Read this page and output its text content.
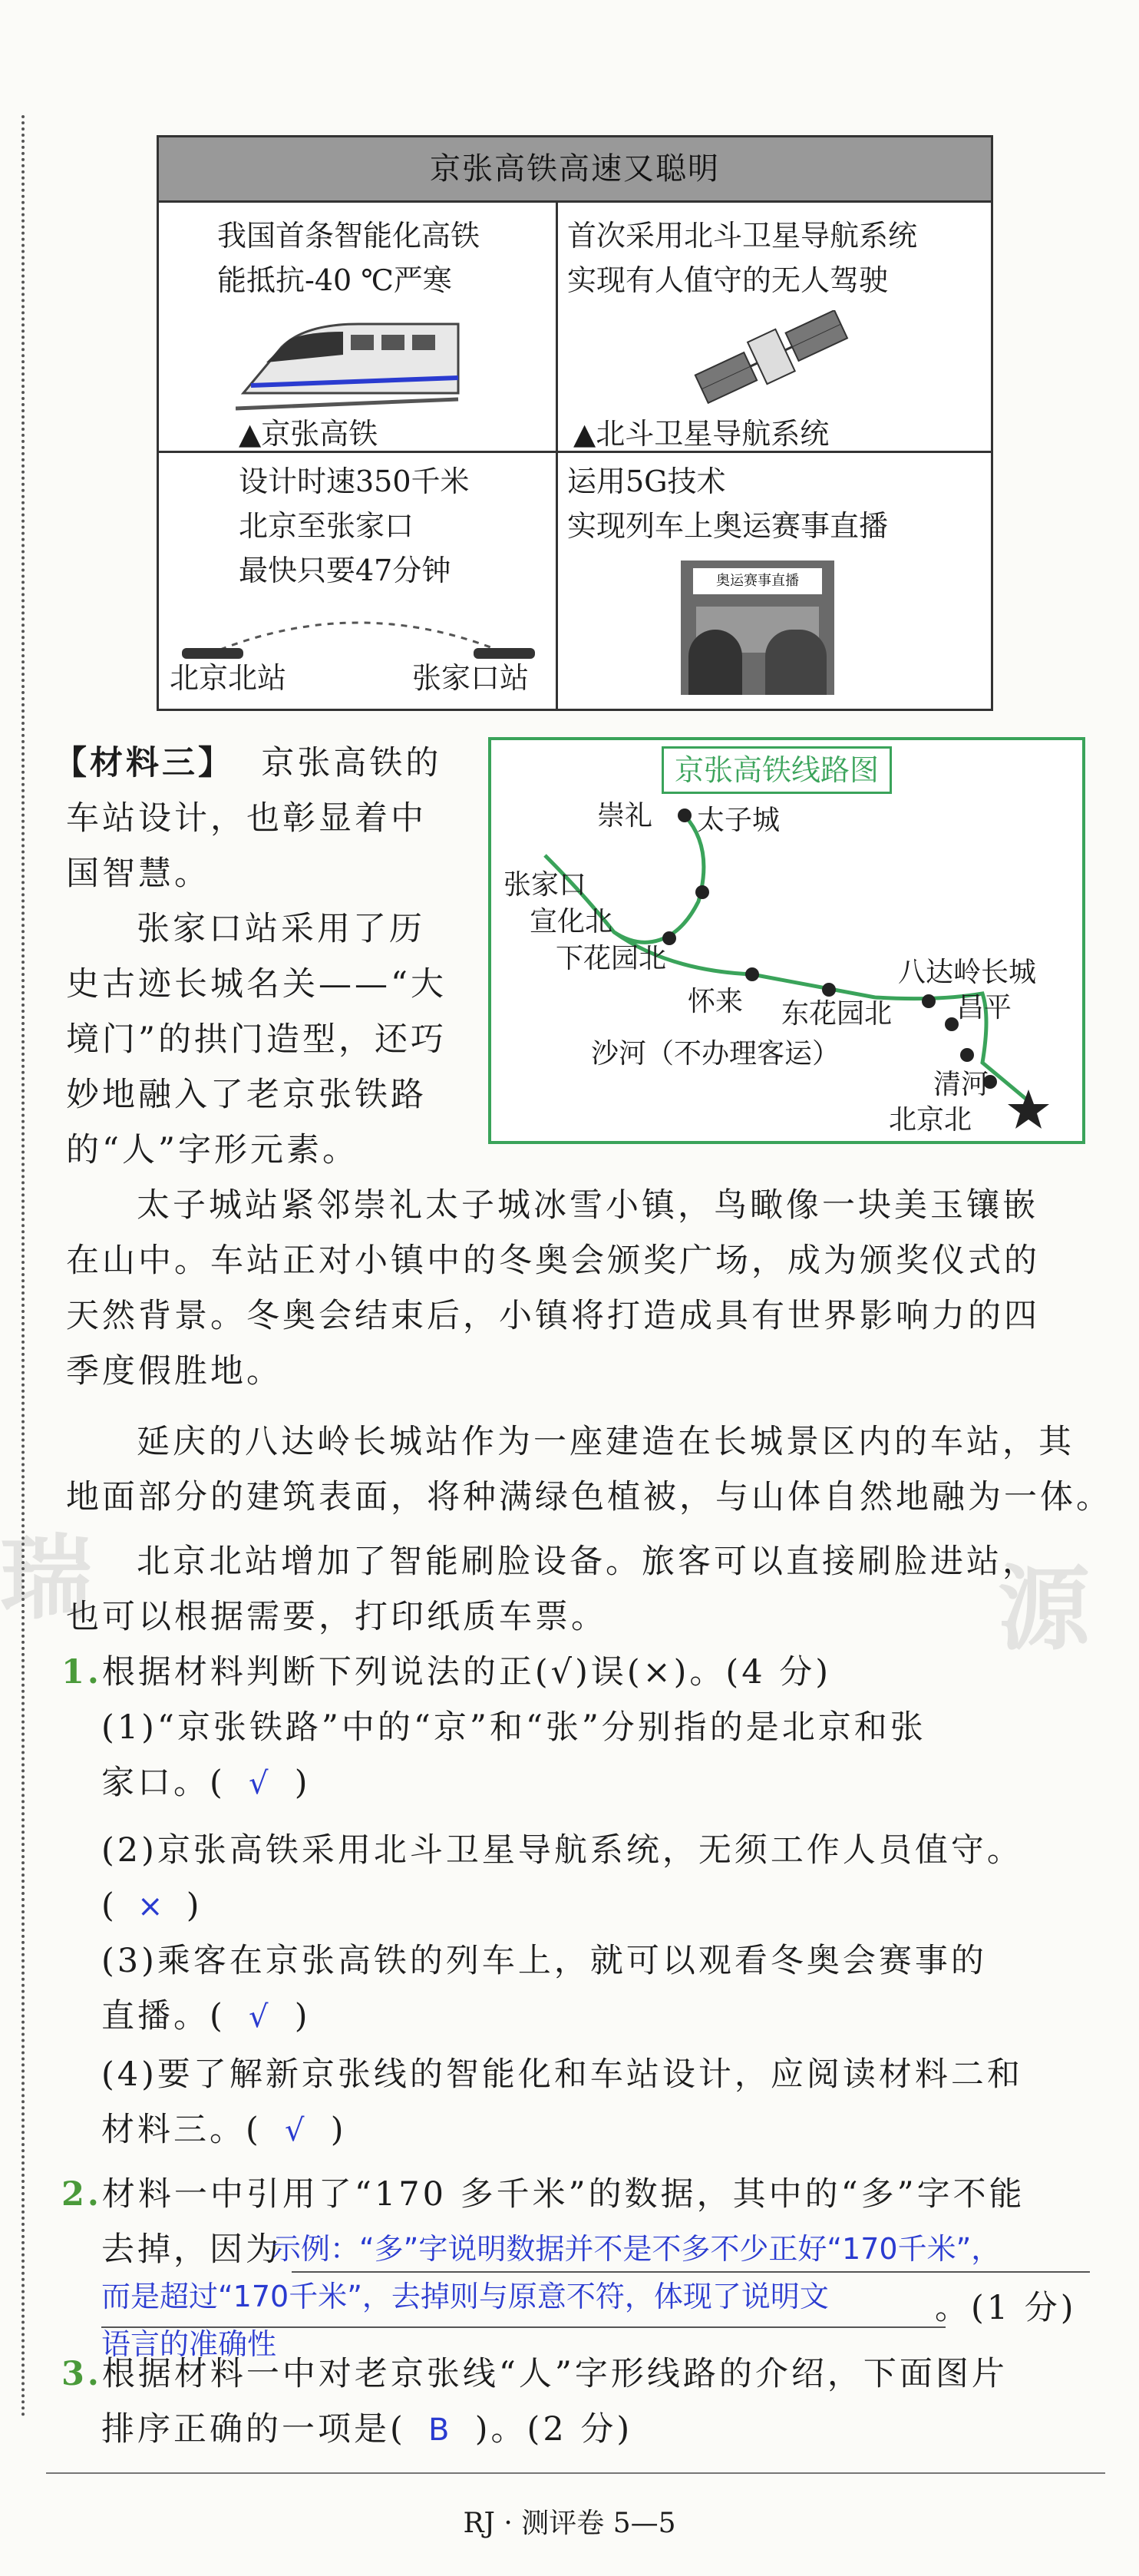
瑞	源
京张高铁高速又聪明
我国首条智能化高铁
能抵抗-40 ℃严寒
▲京张高铁
首次采用北斗卫星导航系统
实现有人值守的无人驾驶
▲北斗卫星导航系统
设计时速350千米
北京至张家口
最快只要47分钟
北京北站	张家口站
运用5G技术
实现列车上奥运赛事直播
奥运赛事直播
【材料三】 京张高铁的
车站设计，也彰显着中
国智慧。
张家口站采用了历
史古迹长城名关——“大
境门”的拱门造型，还巧
妙地融入了老京张铁路
的“人”字形元素。
京张高铁线路图
崇礼 太子城
张家口
宣化北
下花园北
怀来 东花园北
八达岭长城
昌平
沙河（不办理客运）
清河
北京北
太子城站紧邻崇礼太子城冰雪小镇，鸟瞰像一块美玉镶嵌
在山中。车站正对小镇中的冬奥会颁奖广场，成为颁奖仪式的
天然背景。冬奥会结束后，小镇将打造成具有世界影响力的四
季度假胜地。
延庆的八达岭长城站作为一座建造在长城景区内的车站，其
地面部分的建筑表面，将种满绿色植被，与山体自然地融为一体。
北京北站增加了智能刷脸设备。旅客可以直接刷脸进站，
也可以根据需要，打印纸质车票。
1.根据材料判断下列说法的正(√)误(×)。(4 分)
(1)“京张铁路”中的“京”和“张”分别指的是北京和张
家口。( √ )
(2)京张高铁采用北斗卫星导航系统，无须工作人员值守。
( × )
(3)乘客在京张高铁的列车上，就可以观看冬奥会赛事的
直播。( √ )
(4)要了解新京张线的智能化和车站设计，应阅读材料二和
材料三。( √ )
2.材料一中引用了“170 多千米”的数据，其中的“多”字不能
去掉，因为
示例：“多”字说明数据并不是不多不少正好“170千米”，
而是超过“170千米”，去掉则与原意不符，体现了说明文
语言的准确性
。(1 分)
3.根据材料一中对老京张线“人”字形线路的介绍，下面图片
排序正确的一项是( B )。(2 分)
RJ · 测评卷 5—5
